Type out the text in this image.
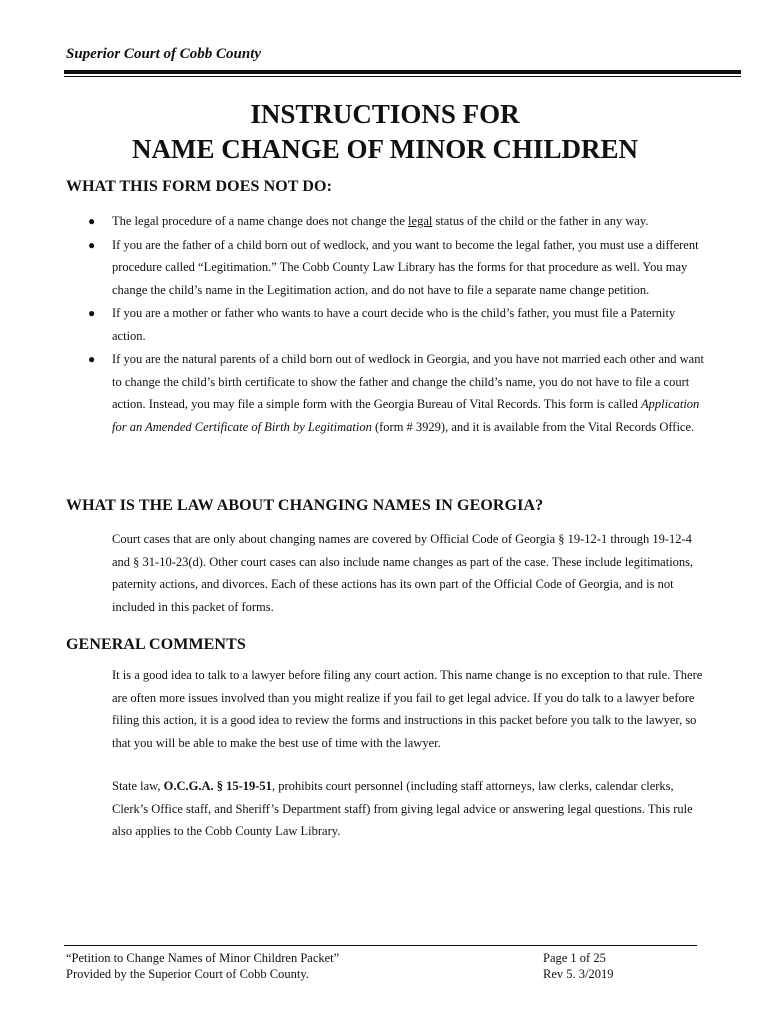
Superior Court of Cobb County
INSTRUCTIONS FOR
NAME CHANGE OF MINOR CHILDREN
WHAT THIS FORM DOES NOT DO:
● The legal procedure of a name change does not change the legal status of the child or the father in any way.
● If you are the father of a child born out of wedlock, and you want to become the legal father, you must use a different procedure called “Legitimation.” The Cobb County Law Library has the forms for that procedure as well. You may change the child’s name in the Legitimation action, and do not have to file a separate name change petition.
● If you are a mother or father who wants to have a court decide who is the child’s father, you must file a Paternity action.
● If you are the natural parents of a child born out of wedlock in Georgia, and you have not married each other and want to change the child’s birth certificate to show the father and change the child’s name, you do not have to file a court action. Instead, you may file a simple form with the Georgia Bureau of Vital Records. This form is called Application for an Amended Certificate of Birth by Legitimation (form # 3929), and it is available from the Vital Records Office.
WHAT IS THE LAW ABOUT CHANGING NAMES IN GEORGIA?

Court cases that are only about changing names are covered by Official Code of Georgia § 19-12-1 through 19-12-4 and § 31-10-23(d). Other court cases can also include name changes as part of the case. These include legitimations, paternity actions, and divorces. Each of these actions has its own part of the Official Code of Georgia, and is not included in this packet of forms.

GENERAL COMMENTS

It is a good idea to talk to a lawyer before filing any court action. This name change is no exception to that rule. There are often more issues involved than you might realize if you fail to get legal advice. If you do talk to a lawyer before filing this action, it is a good idea to review the forms and instructions in this packet before you talk to the lawyer, so that you will be able to make the best use of time with the lawyer.

State law, O.C.G.A. § 15-19-51, prohibits court personnel (including staff attorneys, law clerks, calendar clerks, Clerk’s Office staff, and Sheriff’s Department staff) from giving legal advice or answering legal questions. This rule also applies to the Cobb County Law Library.

“Petition to Change Names of Minor Children Packet”
Provided by the Superior Court of Cobb County.
Page 1 of 25
Rev 5. 3/2019
